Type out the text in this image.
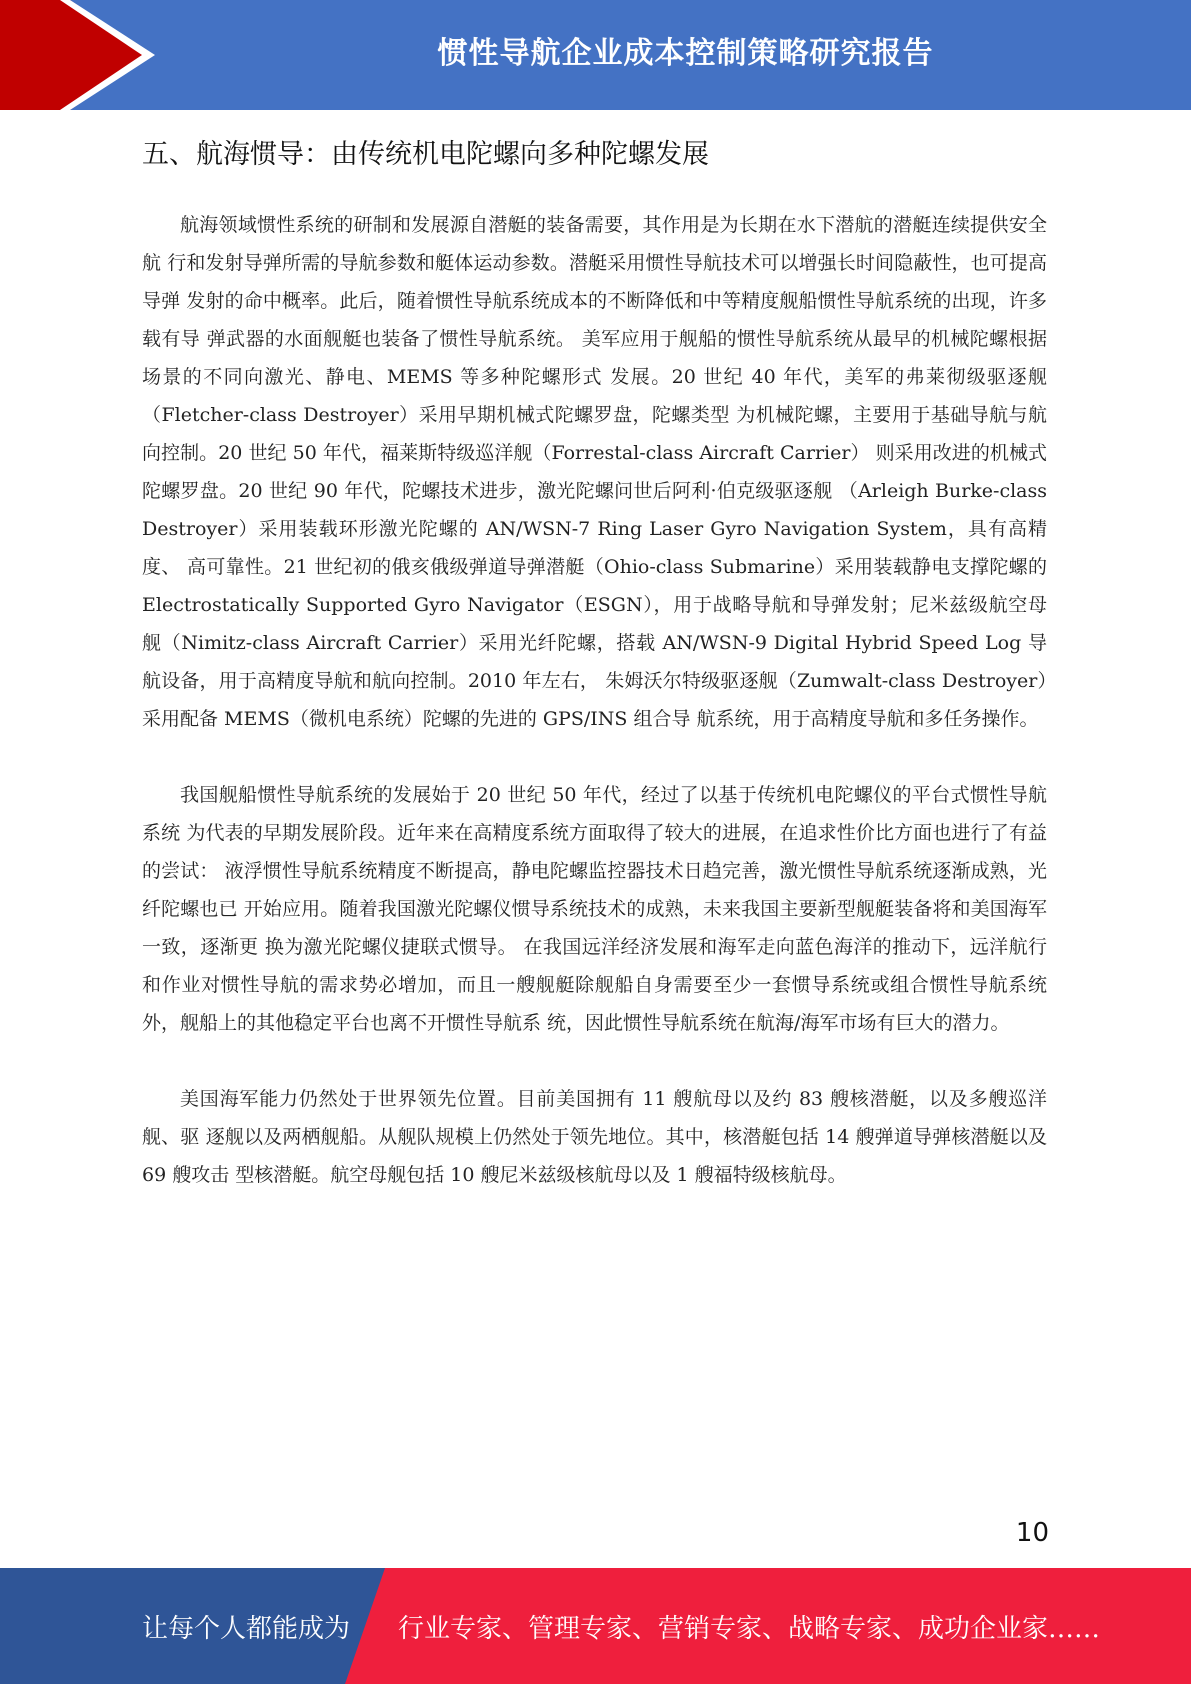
惯性导航企业成本控制策略研究报告
五、航海惯导：由传统机电陀螺向多种陀螺发展

航海领域惯性系统的研制和发展源自潜艇的装备需要，其作用是为长期在水下潜航的潜艇连续提供安全航 行和发射导弹所需的导航参数和艇体运动参数。潜艇采用惯性导航技术可以增强长时间隐蔽性，也可提高导弹 发射的命中概率。此后，随着惯性导航系统成本的不断降低和中等精度舰船惯性导航系统的出现，许多载有导 弹武器的水面舰艇也装备了惯性导航系统。 美军应用于舰船的惯性导航系统从最早的机械陀螺根据场景的不同向激光、静电、MEMS 等多种陀螺形式 发展。20 世纪 40 年代，美军的弗莱彻级驱逐舰（Fletcher-class Destroyer）采用早期机械式陀螺罗盘，陀螺类型 为机械陀螺，主要用于基础导航与航向控制。20 世纪 50 年代，福莱斯特级巡洋舰（Forrestal-class Aircraft Carrier） 则采用改进的机械式陀螺罗盘。20 世纪 90 年代，陀螺技术进步，激光陀螺问世后阿利·伯克级驱逐舰 （Arleigh Burke-class Destroyer）采用装载环形激光陀螺的 AN/WSN-7 Ring Laser Gyro Navigation System，具有高精度、 高可靠性。21 世纪初的俄亥俄级弹道导弹潜艇（Ohio-class Submarine）采用装载静电支撑陀螺的 Electrostatically Supported Gyro Navigator（ESGN），用于战略导航和导弹发射；尼米兹级航空母舰（Nimitz-class Aircraft Carrier）采用光纤陀螺，搭载 AN/WSN-9 Digital Hybrid Speed Log 导航设备，用于高精度导航和航向控制。2010 年左右， 朱姆沃尔特级驱逐舰（Zumwalt-class Destroyer）采用配备 MEMS（微机电系统）陀螺的先进的 GPS/INS 组合导 航系统，用于高精度导航和多任务操作。

我国舰船惯性导航系统的发展始于 20 世纪 50 年代，经过了以基于传统机电陀螺仪的平台式惯性导航系统 为代表的早期发展阶段。近年来在高精度系统方面取得了较大的进展，在追求性价比方面也进行了有益的尝试： 液浮惯性导航系统精度不断提高，静电陀螺监控器技术日趋完善，激光惯性导航系统逐渐成熟，光纤陀螺也已 开始应用。随着我国激光陀螺仪惯导系统技术的成熟，未来我国主要新型舰艇装备将和美国海军一致，逐渐更 换为激光陀螺仪捷联式惯导。 在我国远洋经济发展和海军走向蓝色海洋的推动下，远洋航行和作业对惯性导航的需求势必增加，而且一艘舰艇除舰船自身需要至少一套惯导系统或组合惯性导航系统外，舰船上的其他稳定平台也离不开惯性导航系 统，因此惯性导航系统在航海/海军市场有巨大的潜力。

美国海军能力仍然处于世界领先位置。目前美国拥有 11 艘航母以及约 83 艘核潜艇，以及多艘巡洋舰、驱 逐舰以及两栖舰船。从舰队规模上仍然处于领先地位。其中，核潜艇包括 14 艘弹道导弹核潜艇以及 69 艘攻击 型核潜艇。航空母舰包括 10 艘尼米兹级核航母以及 1 艘福特级核航母。

10
让每个人都能成为 行业专家、管理专家、营销专家、战略专家、成功企业家……
